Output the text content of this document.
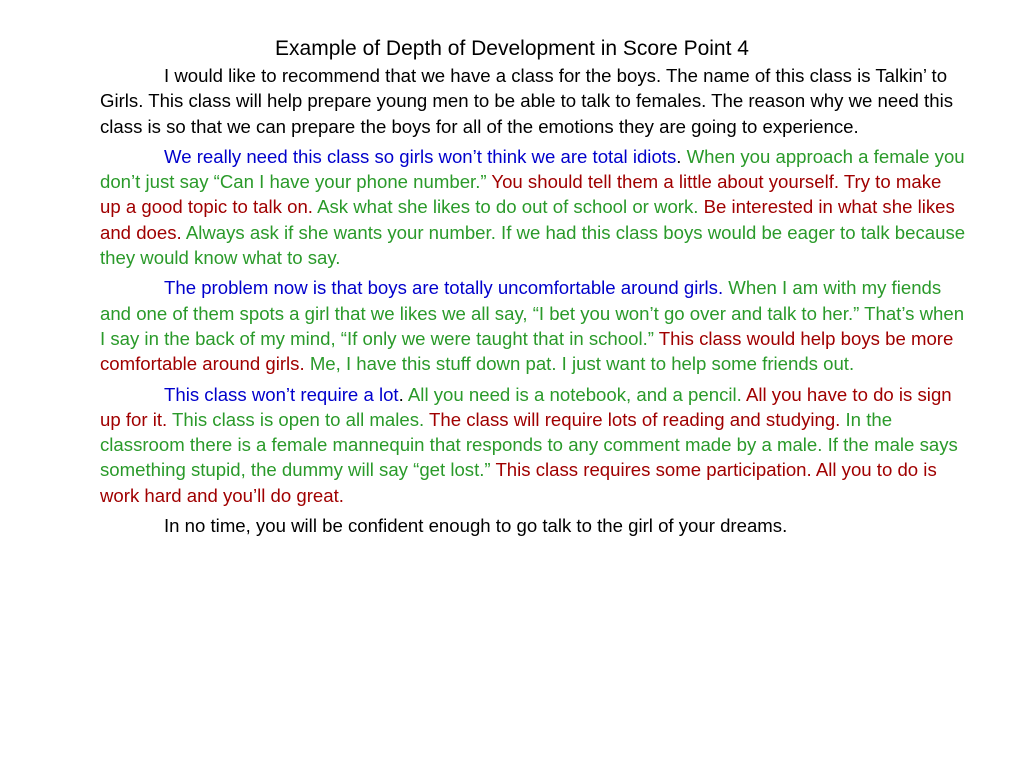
Example of Depth of Development in Score Point 4

I would like to recommend that we have a class for the boys. The name of this class is Talkin’ to Girls. This class will help prepare young men to be able to talk to females. The reason why we need this class is so that we can prepare the boys for all of the emotions they are going to experience.

We really need this class so girls won’t think we are total idiots. When you approach a female you don’t just say “Can I have your phone number.” You should tell them a little about yourself. Try to make up a good topic to talk on. Ask what she likes to do out of school or work. Be interested in what she likes and does. Always ask if she wants your number. If we had this class boys would be eager to talk because they would know what to say.

The problem now is that boys are totally uncomfortable around girls. When I am with my fiends and one of them spots a girl that we likes we all say, “I bet you won’t go over and talk to her.” That’s when I say in the back of my mind, “If only we were taught that in school.” This class would help boys be more comfortable around girls. Me, I have this stuff down pat. I just want to help some friends out.

This class won’t require a lot. All you need is a notebook, and a pencil. All you have to do is sign up for it. This class is open to all males. The class will require lots of reading and studying. In the classroom there is a female mannequin that responds to any comment made by a male. If the male says something stupid, the dummy will say “get lost.” This class requires some participation. All you to do is work hard and you’ll do great.

In no time, you will be confident enough to go talk to the girl of your dreams.
